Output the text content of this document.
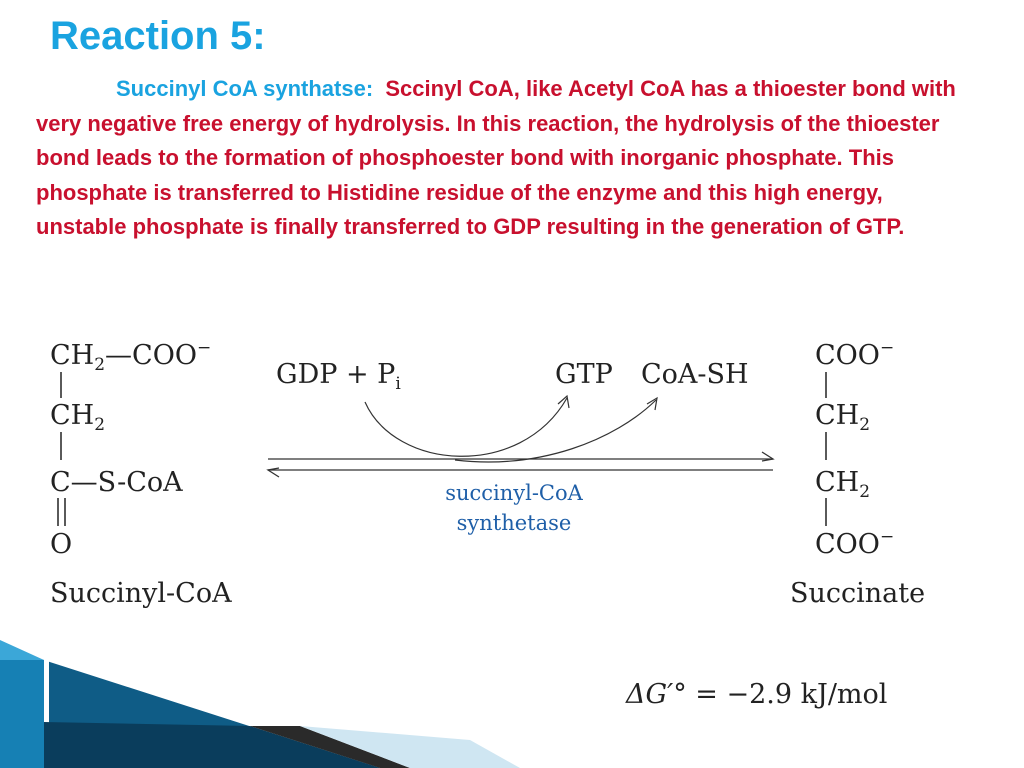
Reaction 5:
Succinyl CoA synthatse: Sccinyl CoA, like Acetyl CoA has a thioester bond with very negative free energy of hydrolysis. In this reaction, the hydrolysis of the thioester bond leads to the formation of phosphoester bond with inorganic phosphate. This phosphate is transferred to Histidine residue of the enzyme and this high energy, unstable phosphate is finally transferred to GDP resulting in the generation of GTP.
$CH_2—COO^-$
$CH_2$
C—S-CoA
O
Succinyl-CoA
GDP + $P_i$	GTP CoA-SH
succinyl-CoA
synthetase
COO−
$CH_2$
$CH_2$
COO−
Succinate
ΔG′° = −2.9 kJ/mol
